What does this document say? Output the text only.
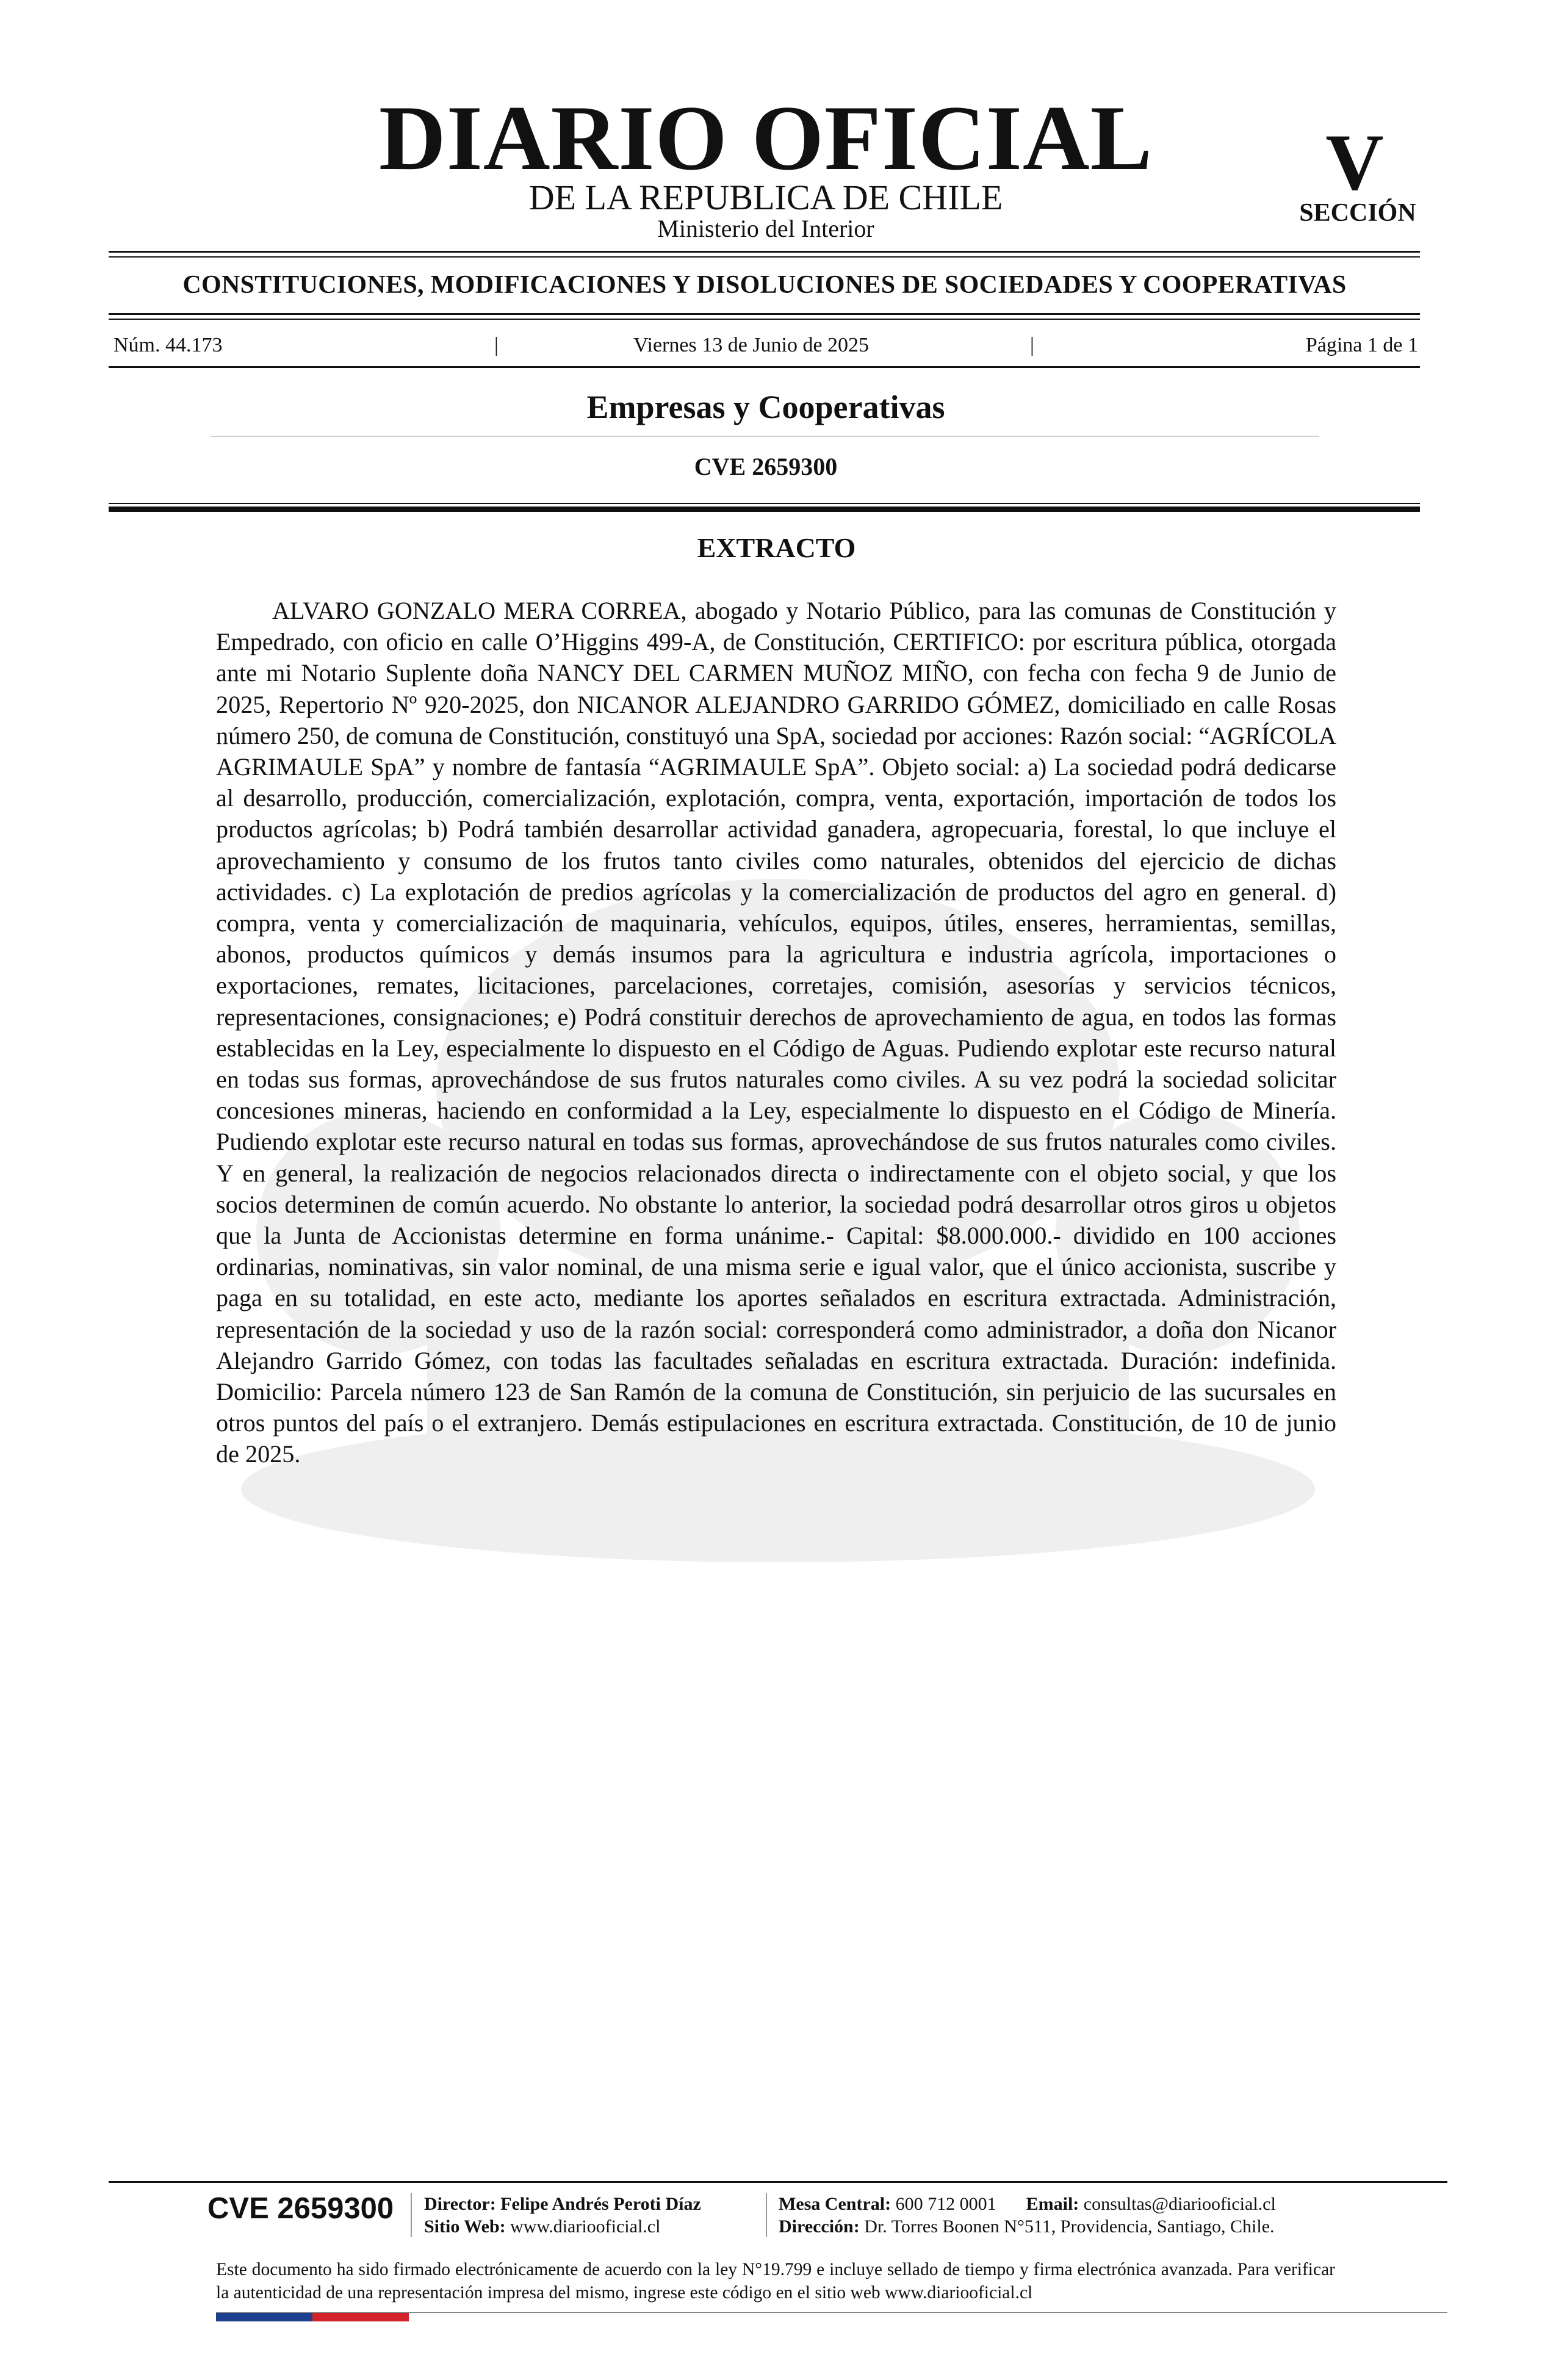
DIARIO OFICIAL
DE LA REPUBLICA DE CHILE
Ministerio del Interior
V
SECCIÓN
CONSTITUCIONES, MODIFICACIONES Y DISOLUCIONES DE SOCIEDADES Y COOPERATIVAS
Núm. 44.173	|	Viernes 13 de Junio de 2025	|	Página 1 de 1
Empresas y Cooperativas
CVE 2659300
EXTRACTO

ALVARO GONZALO MERA CORREA, abogado y Notario Público, para las comunas de Constitución y Empedrado, con oficio en calle O’Higgins 499-A, de Constitución, CERTIFICO: por escritura pública, otorgada ante mi Notario Suplente doña NANCY DEL CARMEN MUÑOZ MIÑO, con fecha con fecha 9 de Junio de 2025, Repertorio Nº 920-2025, don NICANOR ALEJANDRO GARRIDO GÓMEZ, domiciliado en calle Rosas número 250, de comuna de Constitución, constituyó una SpA, sociedad por acciones: Razón social: “AGRÍCOLA AGRIMAULE SpA” y nombre de fantasía “AGRIMAULE SpA”. Objeto social: a) La sociedad podrá dedicarse al desarrollo, producción, comercialización, explotación, compra, venta, exportación, importación de todos los productos agrícolas; b) Podrá también desarrollar actividad ganadera, agropecuaria, forestal, lo que incluye el aprovechamiento y consumo de los frutos tanto civiles como naturales, obtenidos del ejercicio de dichas actividades. c) La explotación de predios agrícolas y la comercialización de productos del agro en general. d) compra, venta y comercialización de maquinaria, vehículos, equipos, útiles, enseres, herramientas, semillas, abonos, productos químicos y demás insumos para la agricultura e industria agrícola, importaciones o exportaciones, remates, licitaciones, parcelaciones, corretajes, comisión, asesorías y servicios técnicos, representaciones, consignaciones; e) Podrá constituir derechos de aprovechamiento de agua, en todos las formas establecidas en la Ley, especialmente lo dispuesto en el Código de Aguas. Pudiendo explotar este recurso natural en todas sus formas, aprovechándose de sus frutos naturales como civiles. A su vez podrá la sociedad solicitar concesiones mineras, haciendo en conformidad a la Ley, especialmente lo dispuesto en el Código de Minería. Pudiendo explotar este recurso natural en todas sus formas, aprovechándose de sus frutos naturales como civiles. Y en general, la realización de negocios relacionados directa o indirectamente con el objeto social, y que los socios determinen de común acuerdo. No obstante lo anterior, la sociedad podrá desarrollar otros giros u objetos que la Junta de Accionistas determine en forma unánime.- Capital: $8.000.000.- dividido en 100 acciones ordinarias, nominativas, sin valor nominal, de una misma serie e igual valor, que el único accionista, suscribe y paga en su totalidad, en este acto, mediante los aportes señalados en escritura extractada. Administración, representación de la sociedad y uso de la razón social: corresponderá como administrador, a doña don Nicanor Alejandro Garrido Gómez, con todas las facultades señaladas en escritura extractada. Duración: indefinida. Domicilio: Parcela número 123 de San Ramón de la comuna de Constitución, sin perjuicio de las sucursales en otros puntos del país o el extranjero. Demás estipulaciones en escritura extractada. Constitución, de 10 de junio de 2025.

CVE 2659300 Director: Felipe Andrés Peroti Díaz
Sitio Web: www.diariooficial.cl
Mesa Central: 600 712 0001 Email: consultas@diariooficial.cl
Dirección: Dr. Torres Boonen N°511, Providencia, Santiago, Chile.

Este documento ha sido firmado electrónicamente de acuerdo con la ley N°19.799 e incluye sellado de tiempo y firma electrónica avanzada. Para verificar la autenticidad de una representación impresa del mismo, ingrese este código en el sitio web www.diariooficial.cl
